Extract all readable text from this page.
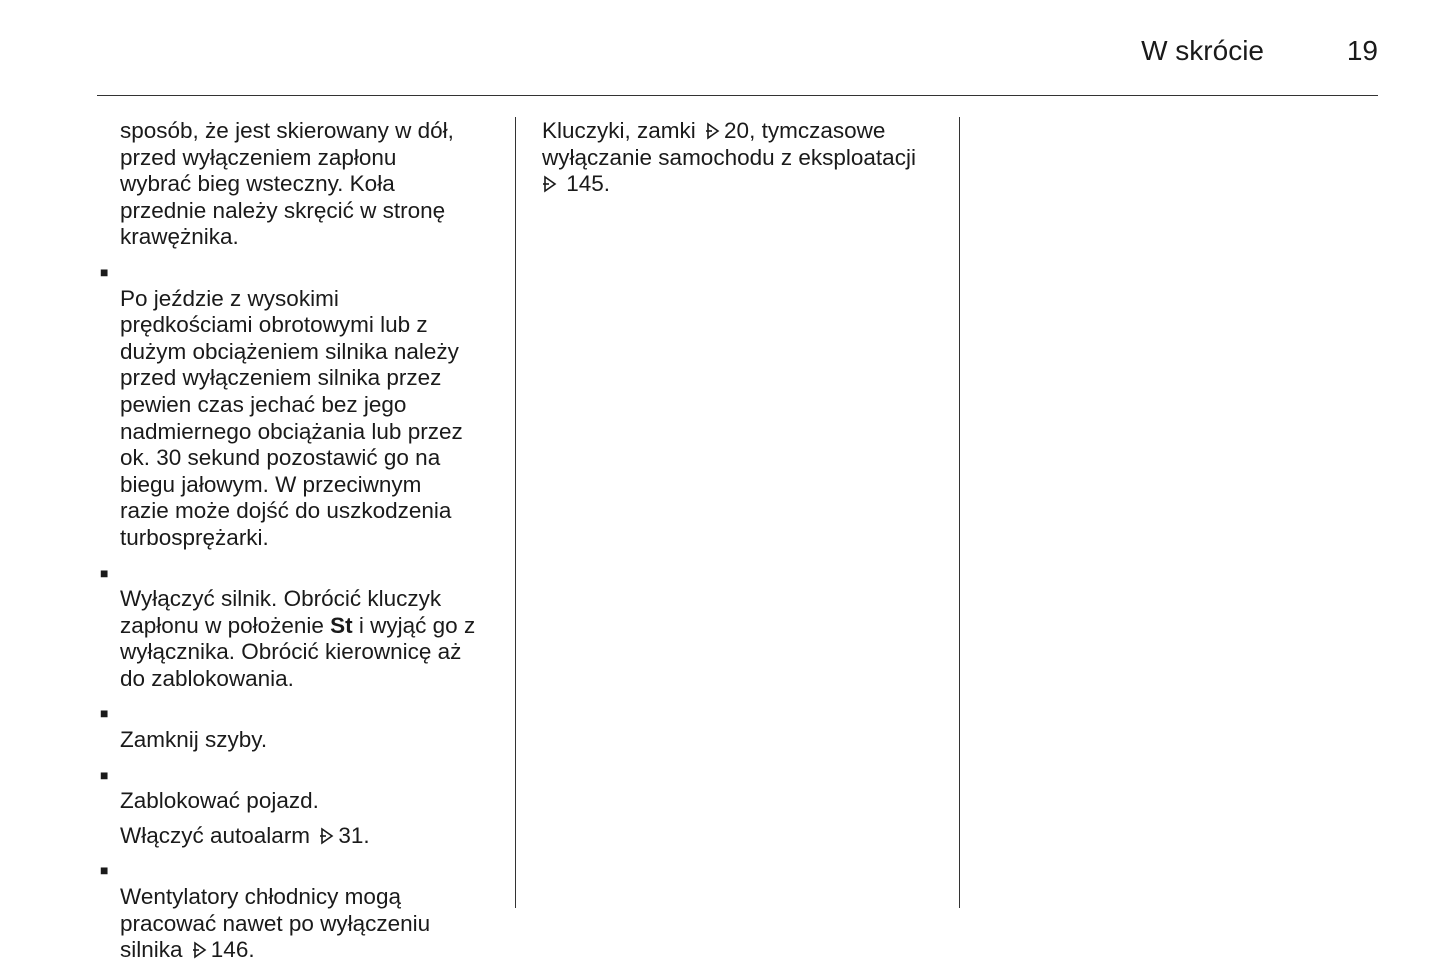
W skrócie	19
sposób, że jest skierowany w dół,
przed wyłączeniem zapłonu
wybrać bieg wsteczny. Koła
przednie należy skręcić w stronę
krawężnika.

■
Po jeździe z wysokimi
prędkościami obrotowymi lub z
dużym obciążeniem silnika należy
przed wyłączeniem silnika przez
pewien czas jechać bez jego
nadmiernego obciążania lub przez
ok. 30 sekund pozostawić go na
biegu jałowym. W przeciwnym
razie może dojść do uszkodzenia
turbosprężarki.

■
Wyłączyć silnik. Obrócić kluczyk
zapłonu w położenie St i wyjąć go z
wyłącznika. Obrócić kierownicę aż
do zablokowania.

■
Zamknij szyby.

■
Zablokować pojazd.

Włączyć autoalarm 31.

■
Wentylatory chłodnicy mogą
pracować nawet po wyłączeniu
silnika 146.

Kluczyki, zamki 20, tymczasowe
wyłączanie samochodu z eksploatacji
145.
